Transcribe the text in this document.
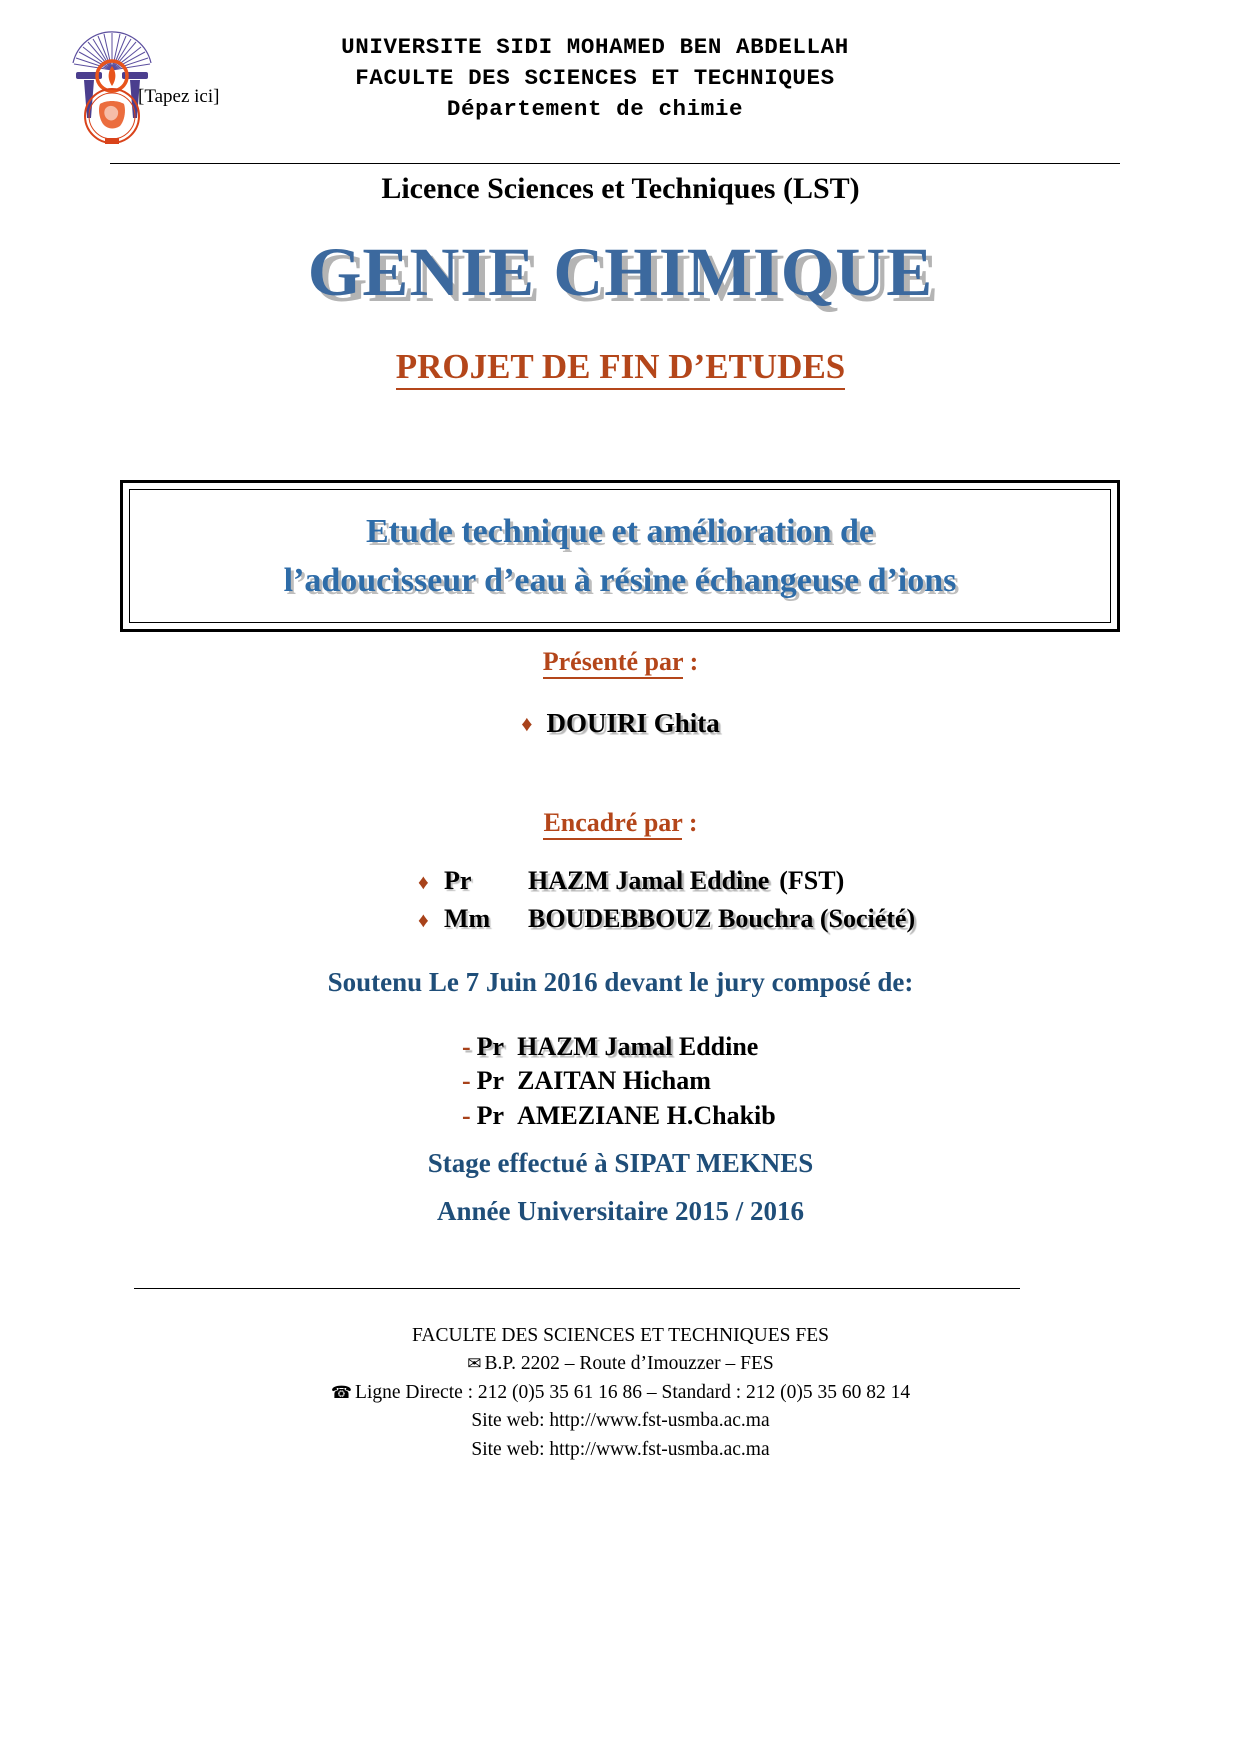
[Tapez ici]
UNIVERSITE SIDI MOHAMED BEN ABDELLAH
FACULTE DES SCIENCES ET TECHNIQUES
Département de chimie
Licence Sciences et Techniques (LST)
GENIE CHIMIQUE
PROJET DE FIN D’ETUDES
Etude technique et amélioration de
l’adoucisseur d’eau à résine échangeuse d’ions
Présenté par :
♦ DOUIRI Ghita
Encadré par :
♦ Pr	HAZM Jamal Eddine (FST)
♦ Mm	BOUDEBBOUZ Bouchra (Société)
Soutenu Le 7 Juin 2016 devant le jury composé de:
- Pr HAZM Jamal Eddine
- Pr ZAITAN Hicham
- Pr AMEZIANE H.Chakib
Stage effectué à SIPAT MEKNES
Année Universitaire 2015 / 2016
FACULTE DES SCIENCES ET TECHNIQUES FES
✉ B.P. 2202 – Route d’Imouzzer – FES
☎ Ligne Directe : 212 (0)5 35 61 16 86 – Standard : 212 (0)5 35 60 82 14
Site web: http://www.fst-usmba.ac.ma
Site web: http://www.fst-usmba.ac.ma
